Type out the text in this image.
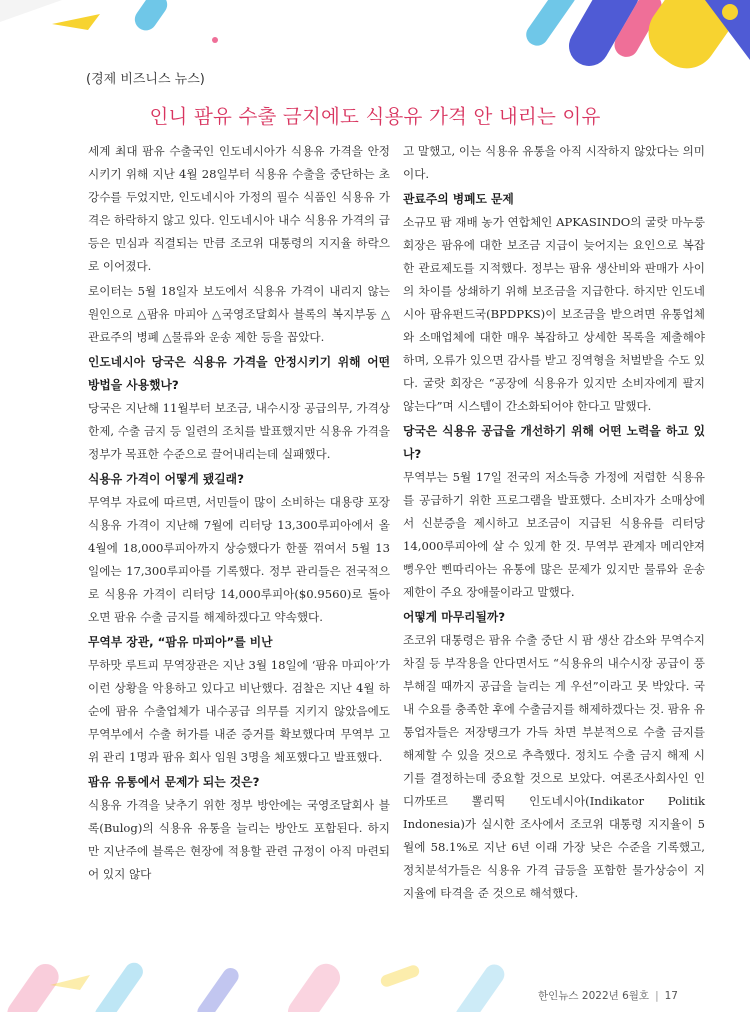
(경제 비즈니스 뉴스)
인니 팜유 수출 금지에도 식용유 가격 안 내리는 이유

세계 최대 팜유 수출국인 인도네시아가 식용유 가격을 안정시키기 위해 지난 4월 28일부터 식용유 수출을 중단하는 초강수를 두었지만, 인도네시아 가정의 필수 식품인 식용유 가격은 하락하지 않고 있다. 인도네시아 내수 식용유 가격의 급등은 민심과 직결되는 만큼 조코위 대통령의 지지율 하락으로 이어졌다.

로이터는 5월 18일자 보도에서 식용유 가격이 내리지 않는 원인으로 △팜유 마피아 △국영조달회사 블록의 복지부동 △관료주의 병폐 △물류와 운송 제한 등을 꼽았다.

인도네시아 당국은 식용유 가격을 안정시키기 위해 어떤 방법을 사용했나?

당국은 지난해 11월부터 보조금, 내수시장 공급의무, 가격상한제, 수출 금지 등 일련의 조치를 발표했지만 식용유 가격을 정부가 목표한 수준으로 끌어내리는데 실패했다.

식용유 가격이 어떻게 됐길래?

무역부 자료에 따르면, 서민들이 많이 소비하는 대용량 포장 식용유 가격이 지난해 7월에 리터당 13,300루피아에서 올 4월에 18,000루피아까지 상승했다가 한풀 꺾여서 5월 13일에는 17,300루피아를 기록했다. 정부 관리들은 전국적으로 식용유 가격이 리터당 14,000루피아($0.9560)로 돌아오면 팜유 수출 금지를 해제하겠다고 약속했다.

무역부 장관, “팜유 마피아”를 비난

무하맛 루트피 무역장관은 지난 3월 18일에 ‘팜유 마피아’가 이런 상황을 악용하고 있다고 비난했다. 검찰은 지난 4월 하순에 팜유 수출업체가 내수공급 의무를 지키지 않았음에도 무역부에서 수출 허가를 내준 증거를 확보했다며 무역부 고위 관리 1명과 팜유 회사 임원 3명을 체포했다고 발표했다.

팜유 유통에서 문제가 되는 것은?

식용유 가격을 낮추기 위한 정부 방안에는 국영조달회사 블록(Bulog)의 식용유 유통을 늘리는 방안도 포함된다. 하지만 지난주에 블록은 현장에 적용할 관련 규정이 아직 마련되어 있지 않다

고 말했고, 이는 식용유 유통을 아직 시작하지 않았다는 의미이다.

관료주의 병폐도 문제

소규모 팜 재배 농가 연합체인 APKASINDO의 굴랏 마누룽 회장은 팜유에 대한 보조금 지급이 늦어지는 요인으로 복잡한 관료제도를 지적했다. 정부는 팜유 생산비와 판매가 사이의 차이를 상쇄하기 위해 보조금을 지급한다. 하지만 인도네시아 팜유펀드국(BPDPKS)이 보조금을 받으려면 유통업체와 소매업체에 대한 매우 복잡하고 상세한 목록을 제출해야 하며, 오류가 있으면 감사를 받고 징역형을 처벌받을 수도 있다. 굴랏 회장은 “공장에 식용유가 있지만 소비자에게 팔지 않는다”며 시스템이 간소화되어야 한다고 말했다.

당국은 식용유 공급을 개선하기 위해 어떤 노력을 하고 있나?

무역부는 5월 17일 전국의 저소득층 가정에 저렴한 식용유를 공급하기 위한 프로그램을 발표했다. 소비자가 소매상에서 신분증을 제시하고 보조금이 지급된 식용유를 리터당 14,000루피아에 살 수 있게 한 것. 무역부 관계자 메리얀져 뻥우안 삔따리아는 유통에 많은 문제가 있지만 물류와 운송 제한이 주요 장애물이라고 말했다.

어떻게 마무리될까?

조코위 대통령은 팜유 수출 중단 시 팜 생산 감소와 무역수지 차질 등 부작용을 안다면서도 “식용유의 내수시장 공급이 풍부해질 때까지 공급을 늘리는 게 우선”이라고 못 박았다. 국내 수요를 충족한 후에 수출금지를 해제하겠다는 것. 팜유 유통업자들은 저장탱크가 가득 차면 부분적으로 수출 금지를 해제할 수 있을 것으로 추측했다. 정치도 수출 금지 해제 시기를 결정하는데 중요할 것으로 보았다. 여론조사회사인 인디까또르 뽈리띡 인도네시아(Indikator Politik Indonesia)가 실시한 조사에서 조코위 대통령 지지율이 5월에 58.1%로 지난 6년 이래 가장 낮은 수준을 기록했고, 정치분석가들은 식용유 가격 급등을 포함한 물가상승이 지지율에 타격을 준 것으로 해석했다.

한인뉴스 2022년 6월호 | 17
